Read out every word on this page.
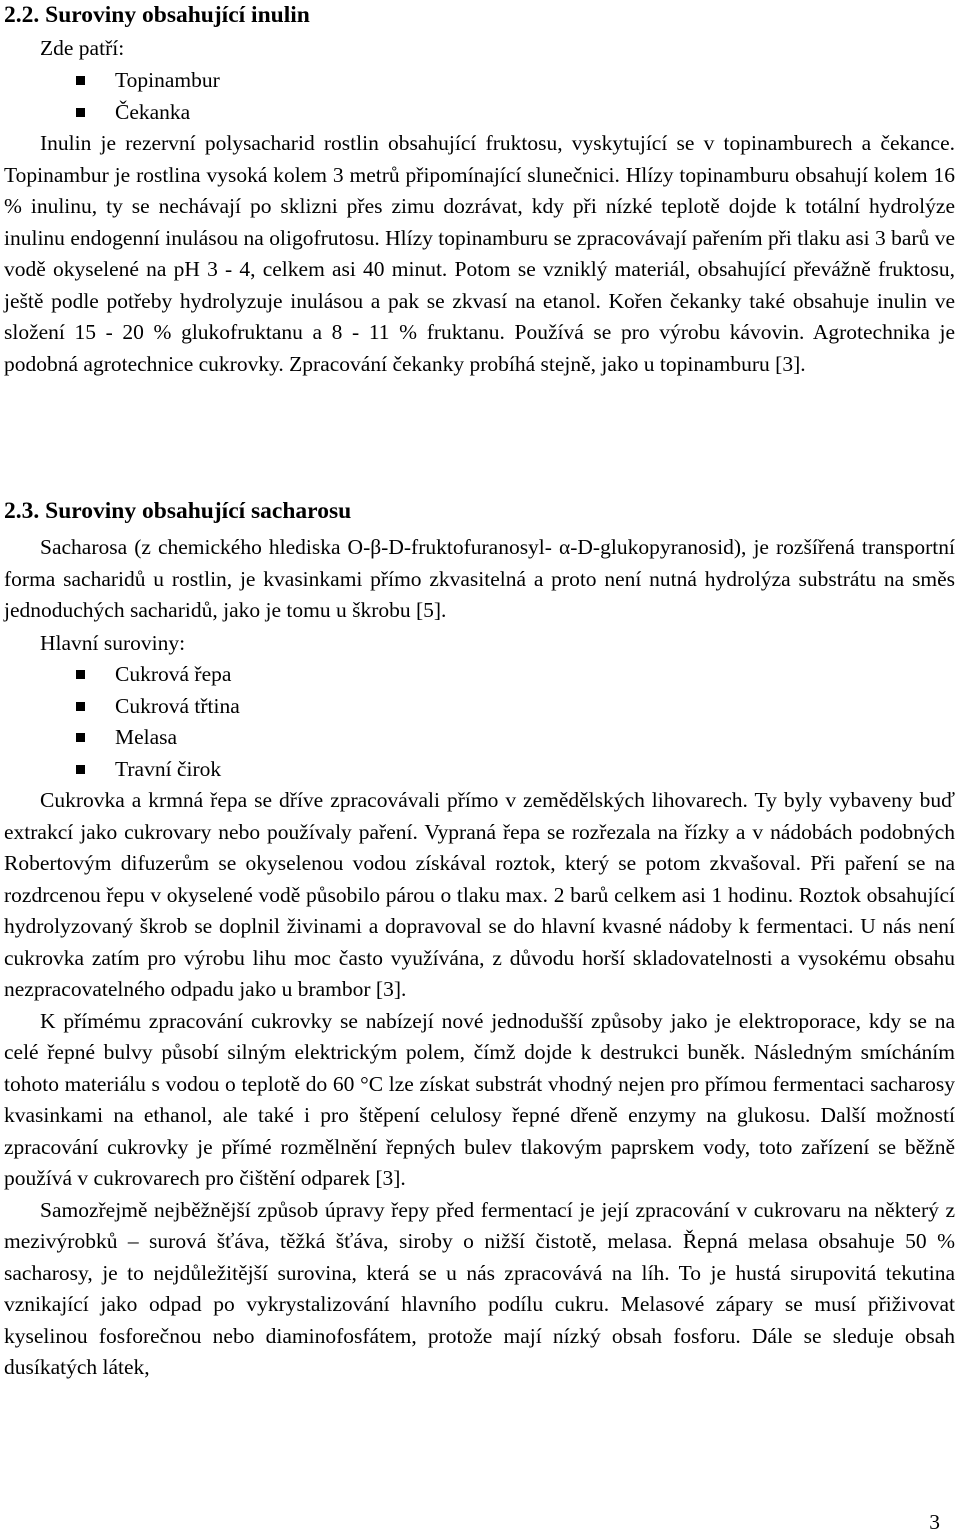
2.2. Suroviny obsahující inulin
Zde patří:
Topinambur
Čekanka

Inulin je rezervní polysacharid rostlin obsahující fruktosu, vyskytující se v topinamburech a čekance. Topinambur je rostlina vysoká kolem 3 metrů připomínající slunečnici. Hlízy topinamburu obsahují kolem 16 % inulinu, ty se nechávají po sklizni přes zimu dozrávat, kdy při nízké teplotě dojde k totální hydrolýze inulinu endogenní inulásou na oligofrutosu. Hlízy topinamburu se zpracovávají pařením při tlaku asi 3 barů ve vodě okyselené na pH 3 - 4, celkem asi 40 minut. Potom se vzniklý materiál, obsahující převážně fruktosu, ještě podle potřeby hydrolyzuje inulásou a pak se zkvasí na etanol. Kořen čekanky také obsahuje inulin ve složení 15 - 20 % glukofruktanu a 8 - 11 % fruktanu. Používá se pro výrobu kávovin. Agrotechnika je podobná agrotechnice cukrovky. Zpracování čekanky probíhá stejně, jako u topinamburu [3].

2.3. Suroviny obsahující sacharosu

Sacharosa (z chemického hlediska O-β-D-fruktofuranosyl- α-D-glukopyranosid), je rozšířená transportní forma sacharidů u rostlin, je kvasinkami přímo zkvasitelná a proto není nutná hydrolýza substrátu na směs jednoduchých sacharidů, jako je tomu u škrobu [5].

Hlavní suroviny:
Cukrová řepa
Cukrová třtina
Melasa
Travní čirok

Cukrovka a krmná řepa se dříve zpracovávali přímo v zemědělských lihovarech. Ty byly vybaveny buď extrakcí jako cukrovary nebo používaly paření. Vypraná řepa se rozřezala na řízky a v nádobách podobných Robertovým difuzerům se okyselenou vodou získával roztok, který se potom zkvašoval. Při paření se na rozdrcenou řepu v okyselené vodě působilo párou o tlaku max. 2 barů celkem asi 1 hodinu. Roztok obsahující hydrolyzovaný škrob se doplnil živinami a dopravoval se do hlavní kvasné nádoby k fermentaci. U nás není cukrovka zatím pro výrobu lihu moc často využívána, z důvodu horší skladovatelnosti a vysokému obsahu nezpracovatelného odpadu jako u brambor [3].

K přímému zpracování cukrovky se nabízejí nové jednodušší způsoby jako je elektroporace, kdy se na celé řepné bulvy působí silným elektrickým polem, čímž dojde k destrukci buněk. Následným smícháním tohoto materiálu s vodou o teplotě do 60 °C lze získat substrát vhodný nejen pro přímou fermentaci sacharosy kvasinkami na ethanol, ale také i pro štěpení celulosy řepné dřeně enzymy na glukosu. Další možností zpracování cukrovky je přímé rozmělnění řepných bulev tlakovým paprskem vody, toto zařízení se běžně používá v cukrovarech pro čištění odparek [3].

Samozřejmě nejběžnější způsob úpravy řepy před fermentací je její zpracování v cukrovaru na některý z mezivýrobků – surová šťáva, těžká šťáva, siroby o nižší čistotě, melasa. Řepná melasa obsahuje 50 % sacharosy, je to nejdůležitější surovina, která se u nás zpracovává na líh. To je hustá sirupovitá tekutina vznikající jako odpad po vykrystalizování hlavního podílu cukru. Melasové zápary se musí přiživovat kyselinou fosforečnou nebo diaminofosfátem, protože mají nízký obsah fosforu. Dále se sleduje obsah dusíkatých látek,

3
